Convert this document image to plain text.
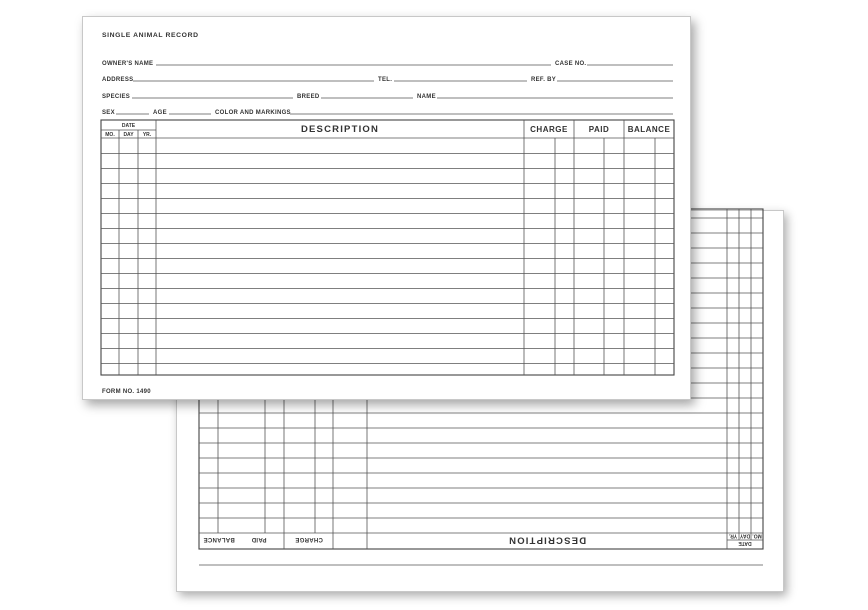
DATE
MO.
DAY
YR.
DESCRIPTION
CHARGE
PAID
BALANCE
SINGLE ANIMAL RECORD
OWNER'S NAME	CASE NO.
ADDRESS	TEL.	REF. BY
SPECIES	BREED	NAME
SEX	AGE	COLOR AND MARKINGS
DATE
MO. DAY YR.	DESCRIPTION	CHARGE	PAID BALANCE
FORM NO. 1490
